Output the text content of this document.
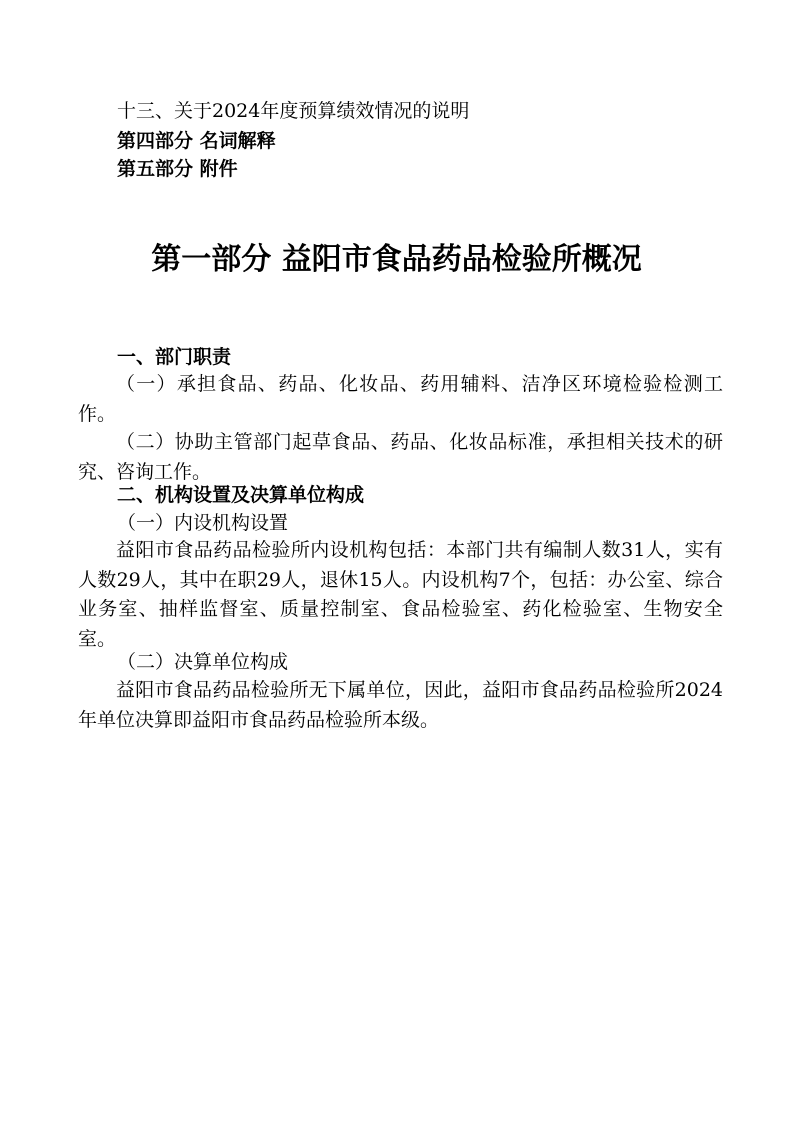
十三、关于2024年度预算绩效情况的说明
第四部分 名词解释
第五部分 附件
第一部分 益阳市食品药品检验所概况
一、部门职责
（一）承担食品、药品、化妆品、药用辅料、洁净区环境检验检测工作。
（二）协助主管部门起草食品、药品、化妆品标准，承担相关技术的研究、咨询工作。
二、机构设置及决算单位构成
（一）内设机构设置
益阳市食品药品检验所内设机构包括：本部门共有编制人数31人，实有人数29人，其中在职29人，退休15人。内设机构7个，包括：办公室、综合业务室、抽样监督室、质量控制室、食品检验室、药化检验室、生物安全室。
（二）决算单位构成
益阳市食品药品检验所无下属单位，因此，益阳市食品药品检验所2024年单位决算即益阳市食品药品检验所本级。
